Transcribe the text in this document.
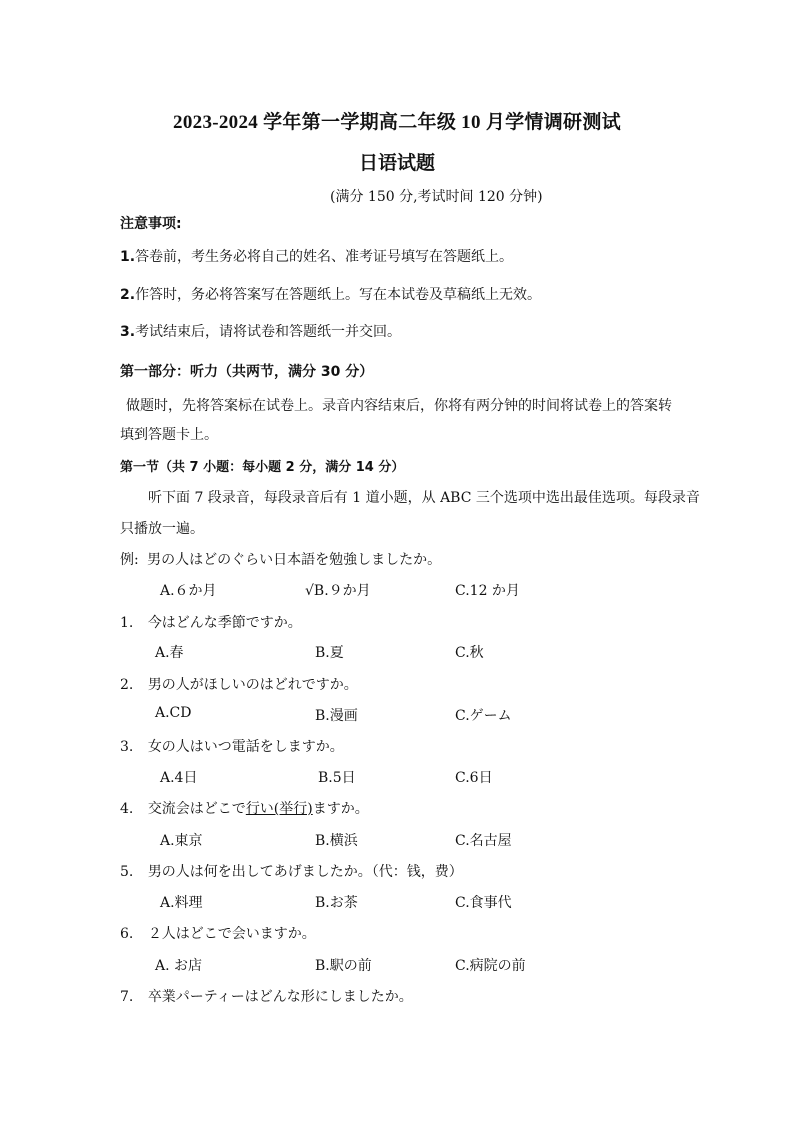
2023-2024 学年第一学期高二年级 10 月学情调研测试
日语试题
(满分 150 分,考试时间 120 分钟)
注意事项:
1.答卷前，考生务必将自己的姓名、准考证号填写在答题纸上。
2.作答时，务必将答案写在答题纸上。写在本试卷及草稿纸上无效。
3.考试结束后，请将试卷和答题纸一并交回。
第一部分：听力（共两节，满分 30 分）
做题时，先将答案标在试卷上。录音内容结束后，你将有两分钟的时间将试卷上的答案转
填到答题卡上。
第一节（共 7 小题：每小题 2 分，满分 14 分）
听下面 7 段录音，每段录音后有 1 道小题，从 ABC 三个选项中选出最佳选项。每段录音
只播放一遍。
例: 男の人はどのぐらい日本語を勉強しましたか。
A.６か月	√B.９か月	C.12 か月
1. 今はどんな季節ですか。
A.春	B.夏	C.秋
2. 男の人がほしいのはどれですか。
A.CD	B.漫画	C.ゲーム
3. 女の人はいつ電話をしますか。
A.4日	B.5日	C.6日
4. 交流会はどこで行い(举行)ますか。
A.東京	B.横浜	C.名古屋
5. 男の人は何を出してあげましたか。（代：钱，费）
A.料理	B.お茶	C.食事代
6. ２人はどこで会いますか。
A. お店	B.駅の前	C.病院の前
7. 卒業パーティーはどんな形にしましたか。
